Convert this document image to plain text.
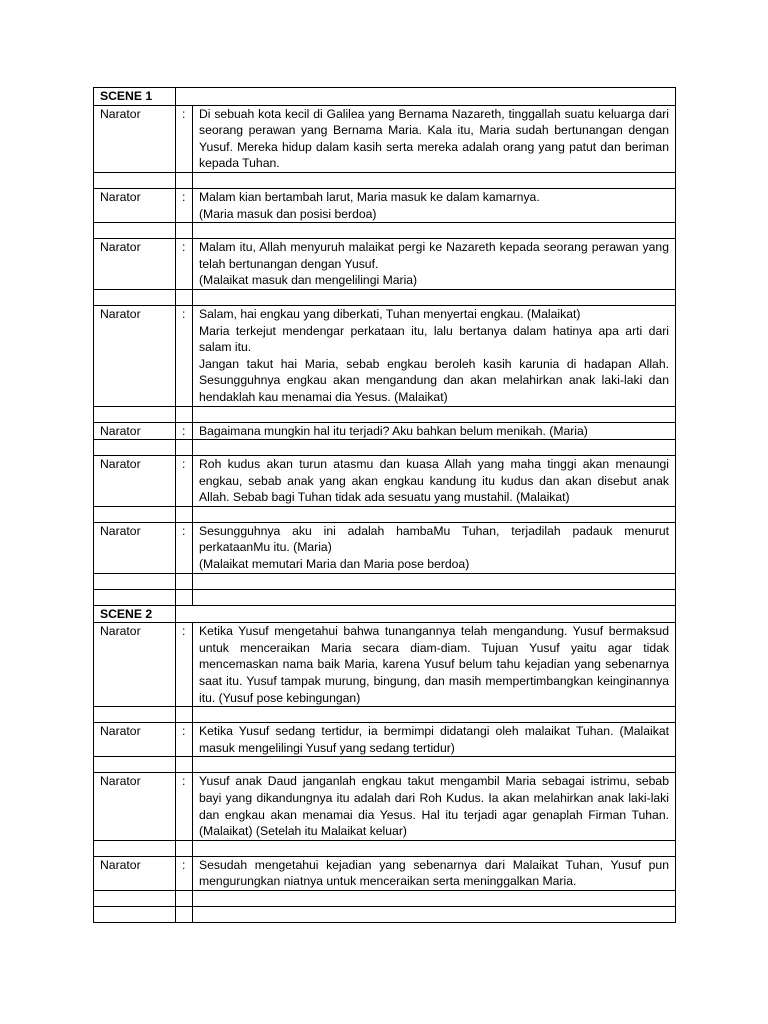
SCENE 1		
Narator	:	Di sebuah kota kecil di Galilea yang Bernama Nazareth, tinggallah suatu keluarga dari seorang perawan yang Bernama Maria. Kala itu, Maria sudah bertunangan dengan Yusuf. Mereka hidup dalam kasih serta mereka adalah orang yang patut dan beriman kepada Tuhan.

Narator	:	Malam kian bertambah larut, Maria masuk ke dalam kamarnya.
(Maria masuk dan posisi berdoa)

Narator	:	Malam itu, Allah menyuruh malaikat pergi ke Nazareth kepada seorang perawan yang telah bertunangan dengan Yusuf.
(Malaikat masuk dan mengelilingi Maria)

Narator	:	Salam, hai engkau yang diberkati, Tuhan menyertai engkau. (Malaikat)
Maria terkejut mendengar perkataan itu, lalu bertanya dalam hatinya apa arti dari salam itu.
Jangan takut hai Maria, sebab engkau beroleh kasih karunia di hadapan Allah. Sesungguhnya engkau akan mengandung dan akan melahirkan anak laki-laki dan hendaklah kau menamai dia Yesus. (Malaikat)

Narator	:	Bagaimana mungkin hal itu terjadi? Aku bahkan belum menikah. (Maria)

Narator	:	Roh kudus akan turun atasmu dan kuasa Allah yang maha tinggi akan menaungi engkau, sebab anak yang akan engkau kandung itu kudus dan akan disebut anak Allah. Sebab bagi Tuhan tidak ada sesuatu yang mustahil. (Malaikat)

Narator	:	Sesungguhnya aku ini adalah hambaMu Tuhan, terjadilah padauk menurut perkataanMu itu. (Maria)
(Malaikat memutari Maria dan Maria pose berdoa)

SCENE 2		
Narator	:	Ketika Yusuf mengetahui bahwa tunangannya telah mengandung. Yusuf bermaksud untuk menceraikan Maria secara diam-diam. Tujuan Yusuf yaitu agar tidak mencemaskan nama baik Maria, karena Yusuf belum tahu kejadian yang sebenarnya saat itu. Yusuf tampak murung, bingung, dan masih mempertimbangkan keinginannya itu. (Yusuf pose kebingungan)

Narator	:	Ketika Yusuf sedang tertidur, ia bermimpi didatangi oleh malaikat Tuhan. (Malaikat masuk mengelilingi Yusuf yang sedang tertidur)

Narator	:	Yusuf anak Daud janganlah engkau takut mengambil Maria sebagai istrimu, sebab bayi yang dikandungnya itu adalah dari Roh Kudus. Ia akan melahirkan anak laki-laki dan engkau akan menamai dia Yesus. Hal itu terjadi agar genaplah Firman Tuhan. (Malaikat) (Setelah itu Malaikat keluar)

Narator	:	Sesudah mengetahui kejadian yang sebenarnya dari Malaikat Tuhan, Yusuf pun mengurungkan niatnya untuk menceraikan serta meninggalkan Maria.
